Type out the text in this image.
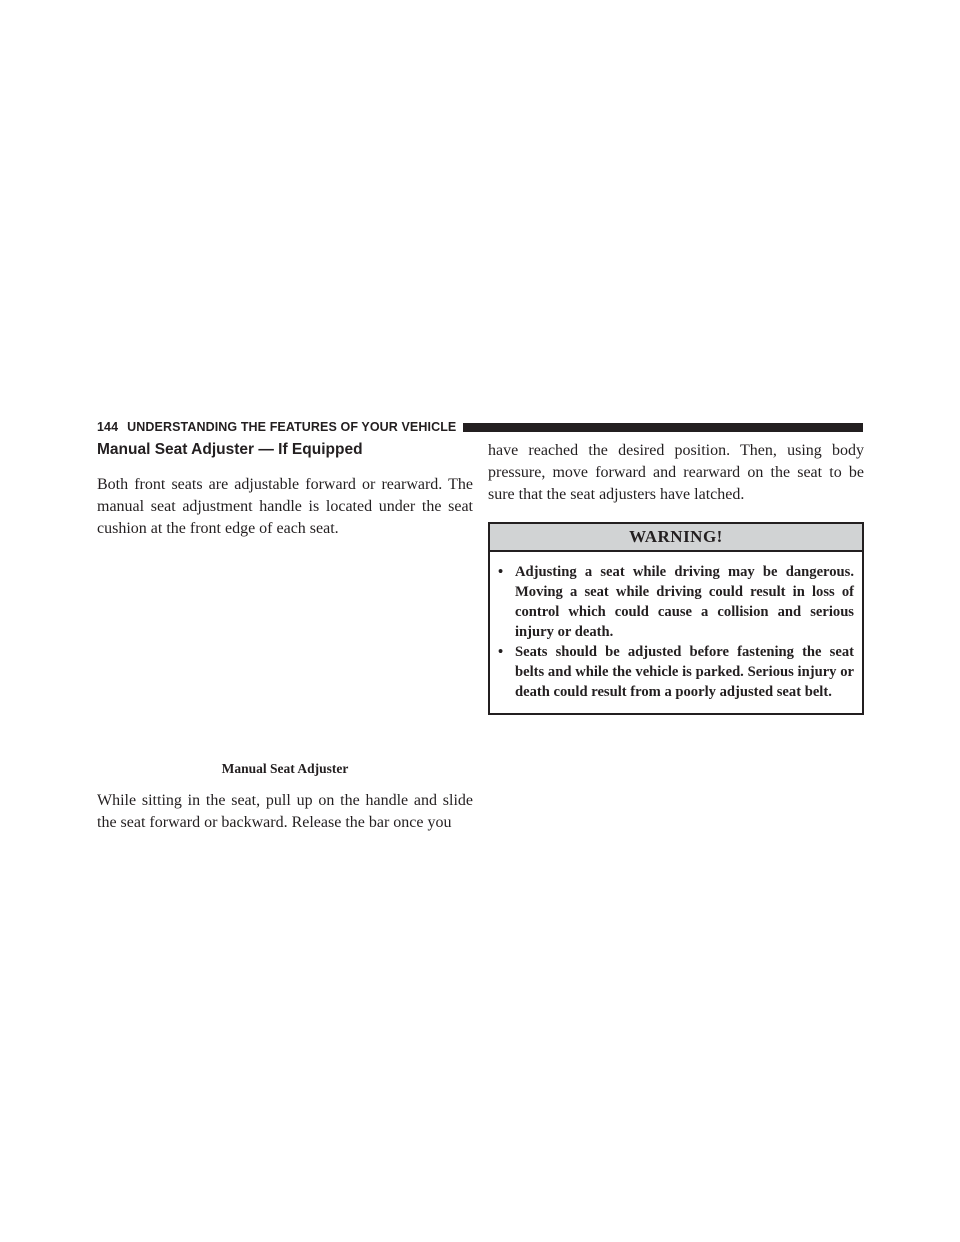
144 UNDERSTANDING THE FEATURES OF YOUR VEHICLE
Manual Seat Adjuster — If Equipped

Both front seats are adjustable forward or rearward. The manual seat adjustment handle is located under the seat cushion at the front edge of each seat.

Manual Seat Adjuster

While sitting in the seat, pull up on the handle and slide the seat forward or backward. Release the bar once you

have reached the desired position. Then, using body pressure, move forward and rearward on the seat to be sure that the seat adjusters have latched.

WARNING!
• Adjusting a seat while driving may be dangerous. Moving a seat while driving could result in loss of control which could cause a collision and serious injury or death.
• Seats should be adjusted before fastening the seat belts and while the vehicle is parked. Serious injury or death could result from a poorly adjusted seat belt.
